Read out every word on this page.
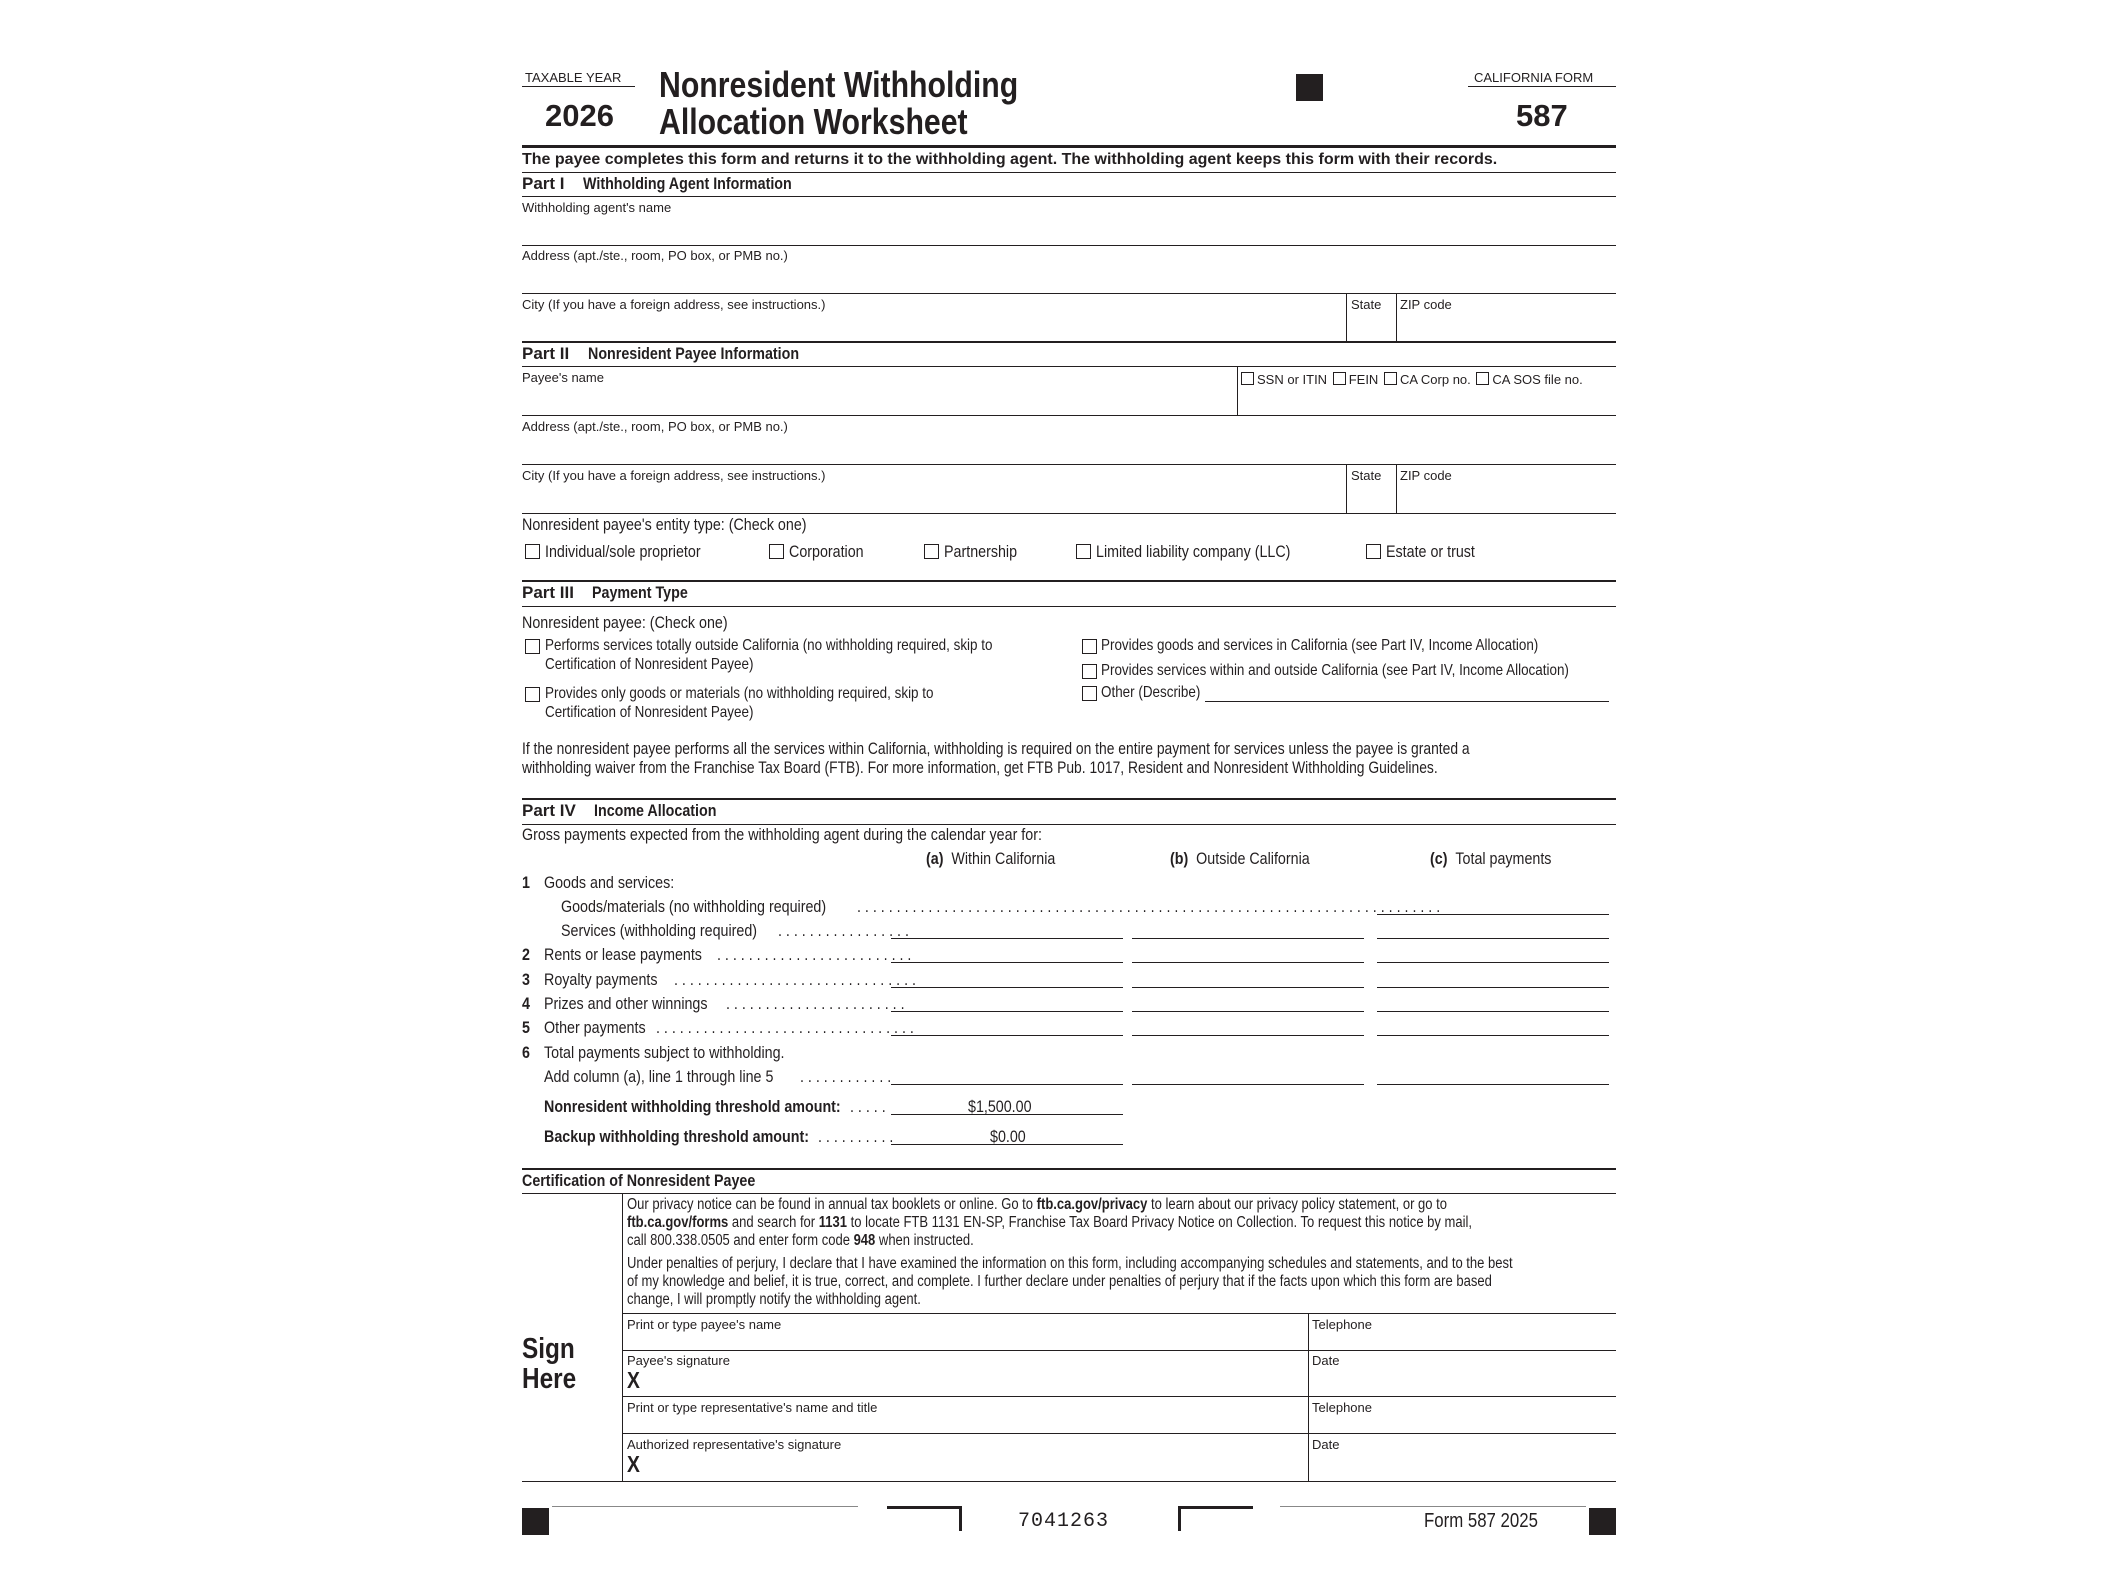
TAXABLE YEAR
2026
Nonresident Withholding
Allocation Worksheet
CALIFORNIA FORM
587
The payee completes this form and returns it to the withholding agent. The withholding agent keeps this form with their records.
Part I Withholding Agent Information
Withholding agent's name
Address (apt./ste., room, PO box, or PMB no.)
City (If you have a foreign address, see instructions.)	State ZIP code
Part II Nonresident Payee Information
Payee's name	SSN or ITIN FEIN CA Corp no. CA SOS file no.
Address (apt./ste., room, PO box, or PMB no.)
City (If you have a foreign address, see instructions.)	State ZIP code
Nonresident payee's entity type: (Check one)
Individual/sole proprietor	Corporation	Partnership	Limited liability company (LLC)	Estate or trust
Part III Payment Type
Nonresident payee: (Check one)
Performs services totally outside California (no withholding required, skip to
Certification of Nonresident Payee)
Provides only goods or materials (no withholding required, skip to
Certification of Nonresident Payee)
Provides goods and services in California (see Part IV, Income Allocation)
Provides services within and outside California (see Part IV, Income Allocation)
Other (Describe)
If the nonresident payee performs all the services within California, withholding is required on the entire payment for services unless the payee is granted a
withholding waiver from the Franchise Tax Board (FTB). For more information, get FTB Pub. 1017, Resident and Nonresident Withholding Guidelines.
Part IV Income Allocation
Gross payments expected from the withholding agent during the calendar year for:
(a) Within California	(b) Outside California	(c) Total payments
1 Goods and services:
Goods/materials (no withholding required) . . . . . . . . . . . . . . . . . . . . . . . . . . . . . . . . . . . . . . . . . . . . . . . . . . . . . . . . . . . . . . . . . . . . . . . . . .
Services (withholding required) . . . . . . . . . . . . . . . . .
2 Rents or lease payments . . . . . . . . . . . . . . . . . . . . . . . . .
3 Royalty payments . . . . . . . . . . . . . . . . . . . . . . . . . . . . . . .
4 Prizes and other winnings . . . . . . . . . . . . . . . . . . . . . . .
5 Other payments . . . . . . . . . . . . . . . . . . . . . . . . . . . . . . . . .
6 Total payments subject to withholding.
Add column (a), line 1 through line 5 . . . . . . . . . . . .
Nonresident withholding threshold amount: . . . . .	$1,500.00
Backup withholding threshold amount: . . . . . . . . . .	$0.00
Certification of Nonresident Payee
Our privacy notice can be found in annual tax booklets or online. Go to ftb.ca.gov/privacy to learn about our privacy policy statement, or go to
ftb.ca.gov/forms and search for 1131 to locate FTB 1131 EN-SP, Franchise Tax Board Privacy Notice on Collection. To request this notice by mail,
call 800.338.0505 and enter form code 948 when instructed.
Under penalties of perjury, I declare that I have examined the information on this form, including accompanying schedules and statements, and to the best
of my knowledge and belief, it is true, correct, and complete. I further declare under penalties of perjury that if the facts upon which this form are based
change, I will promptly notify the withholding agent.
Sign
Here
Print or type payee's name	Telephone
Payee's signature
X
Date
Print or type representative's name and title	Telephone
Authorized representative's signature
X
Date
7041263	Form 587 2025
